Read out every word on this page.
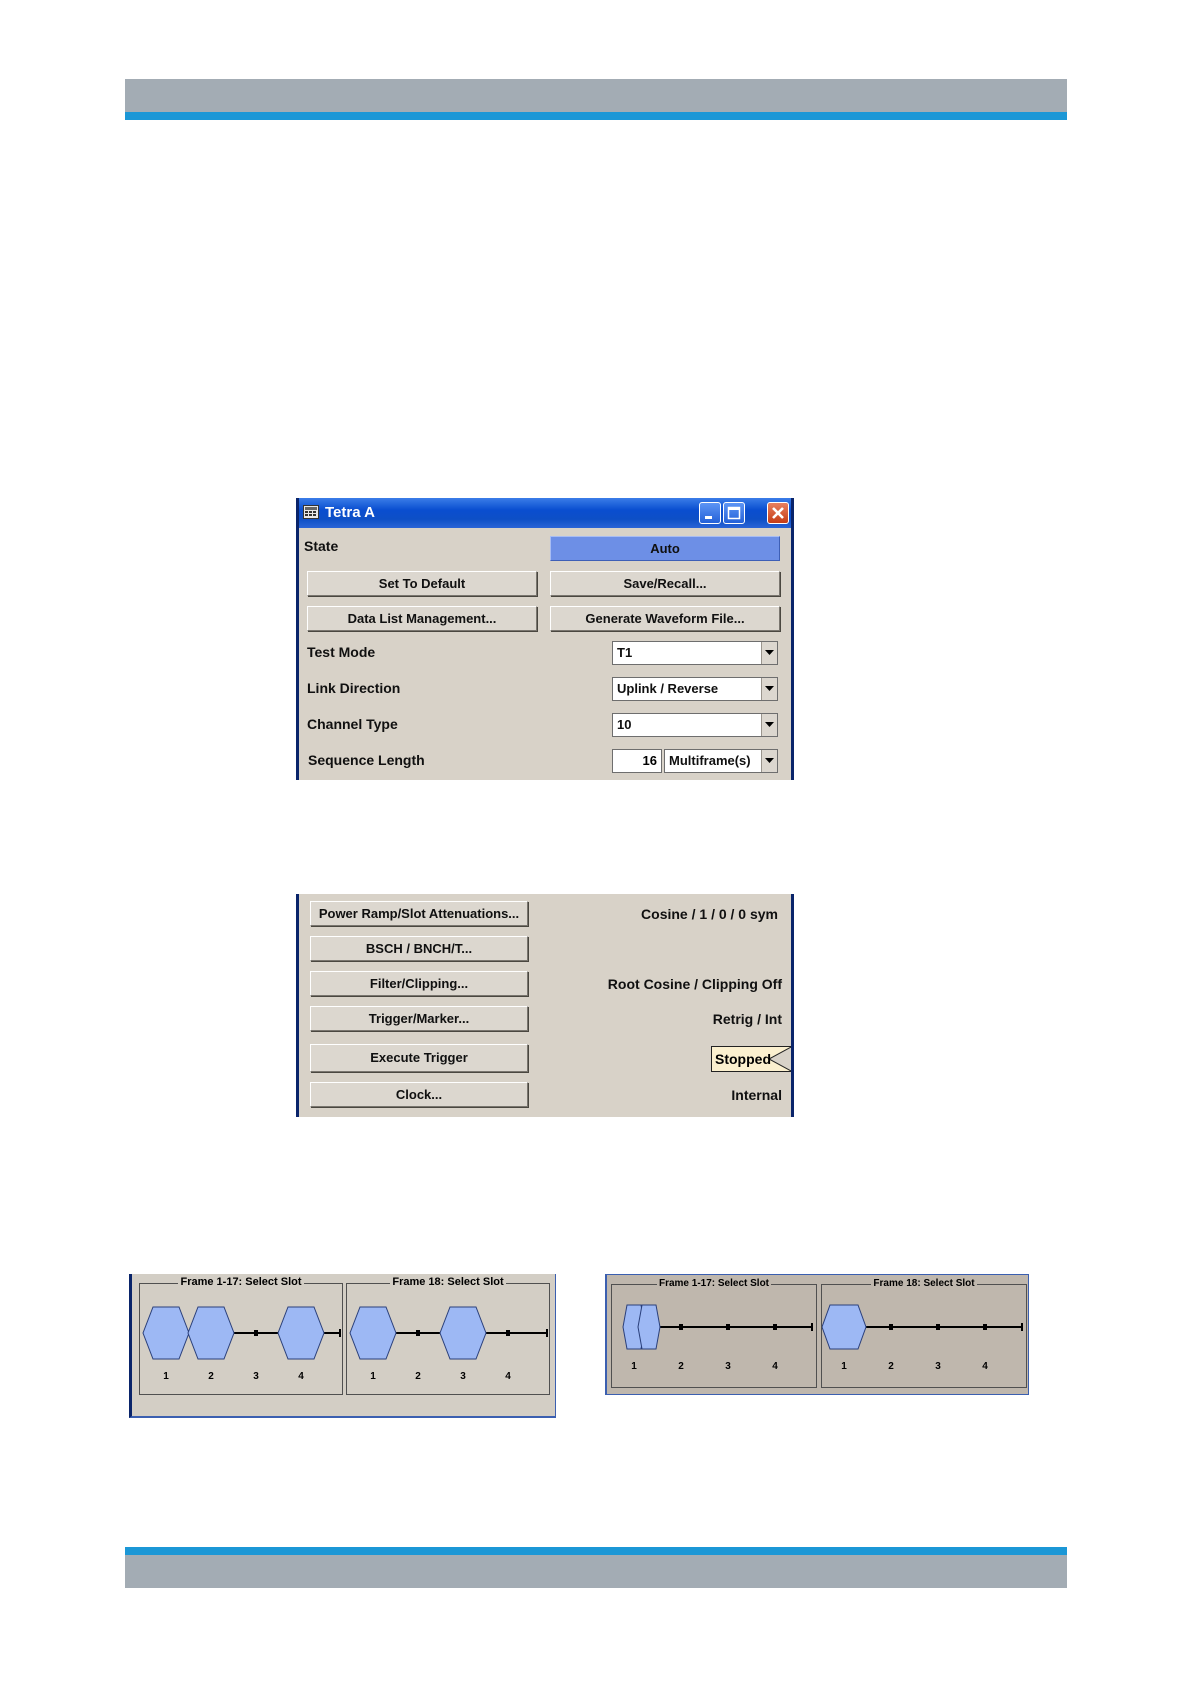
Tetra A
State	Auto
Set To Default	Save/Recall...
Data List Management...	Generate Waveform File...
Test Mode	T1
Link Direction	Uplink / Reverse
Channel Type	10
Sequence Length	16 Multiframe(s)
Power Ramp/Slot Attenuations...	Cosine / 1 / 0 / 0 sym
BSCH / BNCH/T...
Filter/Clipping...	Root Cosine / Clipping Off
Trigger/Marker...	Retrig / Int
Execute Trigger	Stopped
Clock...	Internal
Frame 1-17: Select Slot
1	2	3	4
Frame 18: Select Slot
1	2	3	4
Frame 1-17: Select Slot
1	2	3	4
Frame 18: Select Slot
1	2	3	4
